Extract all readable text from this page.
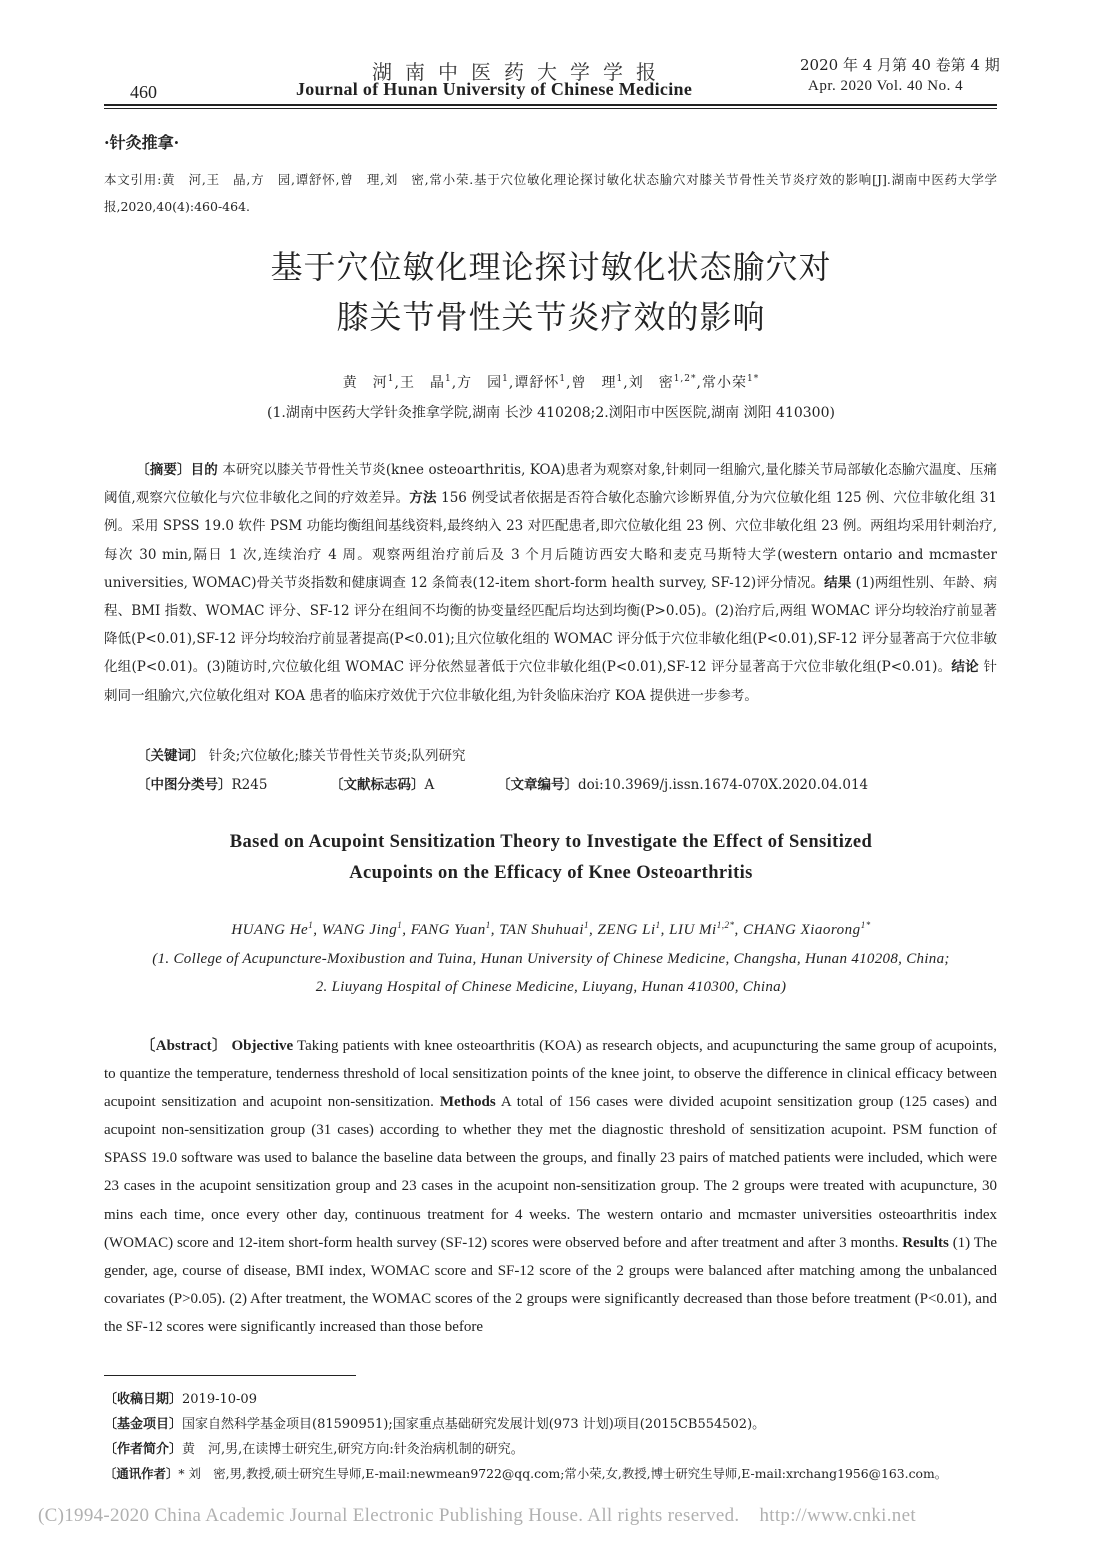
460
湖南中医药大学学报
Journal of Hunan University of Chinese Medicine
2020 年 4 月第 40 卷第 4 期
Apr. 2020 Vol. 40 No. 4
·针灸推拿·
本文引用:黄　河,王　晶,方　园,谭舒怀,曾　理,刘　密,常小荣.基于穴位敏化理论探讨敏化状态腧穴对膝关节骨性关节炎疗效的影响[J].湖南中医药大学学报,2020,40(4):460-464.
基于穴位敏化理论探讨敏化状态腧穴对
膝关节骨性关节炎疗效的影响
黄　河$^1$,王　晶$^1$,方　园$^1$,谭舒怀$^1$,曾　理$^1$,刘　密$^{1,2*}$,常小荣$^{1*}$
(1.湖南中医药大学针灸推拿学院,湖南 长沙 410208;2.浏阳市中医医院,湖南 浏阳 410300)
〔摘要〕目的 本研究以膝关节骨性关节炎(knee osteoarthritis, KOA)患者为观察对象,针刺同一组腧穴,量化膝关节局部敏化态腧穴温度、压痛阈值,观察穴位敏化与穴位非敏化之间的疗效差异。方法 156 例受试者依据是否符合敏化态腧穴诊断界值,分为穴位敏化组 125 例、穴位非敏化组 31 例。采用 SPSS 19.0 软件 PSM 功能均衡组间基线资料,最终纳入 23 对匹配患者,即穴位敏化组 23 例、穴位非敏化组 23 例。两组均采用针刺治疗,每次 30 min,隔日 1 次,连续治疗 4 周。观察两组治疗前后及 3 个月后随访西安大略和麦克马斯特大学(western ontario and mcmaster universities, WOMAC)骨关节炎指数和健康调查 12 条简表(12-item short-form health survey, SF-12)评分情况。结果 (1)两组性别、年龄、病程、BMI 指数、WOMAC 评分、SF-12 评分在组间不均衡的协变量经匹配后均达到均衡(P>0.05)。(2)治疗后,两组 WOMAC 评分均较治疗前显著降低(P<0.01),SF-12 评分均较治疗前显著提高(P<0.01);且穴位敏化组的 WOMAC 评分低于穴位非敏化组(P<0.01),SF-12 评分显著高于穴位非敏化组(P<0.01)。(3)随访时,穴位敏化组 WOMAC 评分依然显著低于穴位非敏化组(P<0.01),SF-12 评分显著高于穴位非敏化组(P<0.01)。结论 针刺同一组腧穴,穴位敏化组对 KOA 患者的临床疗效优于穴位非敏化组,为针灸临床治疗 KOA 提供进一步参考。
〔关键词〕 针灸;穴位敏化;膝关节骨性关节炎;队列研究
〔中图分类号〕R245	〔文献标志码〕A	〔文章编号〕doi:10.3969/j.issn.1674-070X.2020.04.014
Based on Acupoint Sensitization Theory to Investigate the Effect of Sensitized
Acupoints on the Efficacy of Knee Osteoarthritis
HUANG He$^1$, WANG Jing$^1$, FANG Yuan$^1$, TAN Shuhuai$^1$, ZENG Li$^1$, LIU $Mi^{1,2*}$, CHANG Xiaorong$^{1*}$
(1. College of Acupuncture-Moxibustion and Tuina, Hunan University of Chinese Medicine, Changsha, Hunan 410208, China;
2. Liuyang Hospital of Chinese Medicine, Liuyang, Hunan 410300, China)
〔Abstract〕 Objective Taking patients with knee osteoarthritis (KOA) as research objects, and acupuncturing the same group of acupoints, to quantize the temperature, tenderness threshold of local sensitization points of the knee joint, to observe the difference in clinical efficacy between acupoint sensitization and acupoint non-sensitization. Methods A total of 156 cases were divided acupoint sensitization group (125 cases) and acupoint non-sensitization group (31 cases) according to whether they met the diagnostic threshold of sensitization acupoint. PSM function of SPASS 19.0 software was used to balance the baseline data between the groups, and finally 23 pairs of matched patients were included, which were 23 cases in the acupoint sensitization group and 23 cases in the acupoint non-sensitization group. The 2 groups were treated with acupuncture, 30 mins each time, once every other day, continuous treatment for 4 weeks. The western ontario and mcmaster universities osteoarthritis index (WOMAC) score and 12-item short-form health survey (SF-12) scores were observed before and after treatment and after 3 months. Results (1) The gender, age, course of disease, BMI index, WOMAC score and SF-12 score of the 2 groups were balanced after matching among the unbalanced covariates (P>0.05). (2) After treatment, the WOMAC scores of the 2 groups were significantly decreased than those before treatment (P<0.01), and the SF-12 scores were significantly increased than those before
〔收稿日期〕2019-10-09
〔基金项目〕国家自然科学基金项目(81590951);国家重点基础研究发展计划(973 计划)项目(2015CB554502)。
〔作者简介〕黄　河,男,在读博士研究生,研究方向:针灸治病机制的研究。
〔通讯作者〕* 刘　密,男,教授,硕士研究生导师,E-mail:newmean9722@qq.com;常小荣,女,教授,博士研究生导师,E-mail:xrchang1956@163.com。
(C)1994-2020 China Academic Journal Electronic Publishing House. All rights reserved. http://www.cnki.net
